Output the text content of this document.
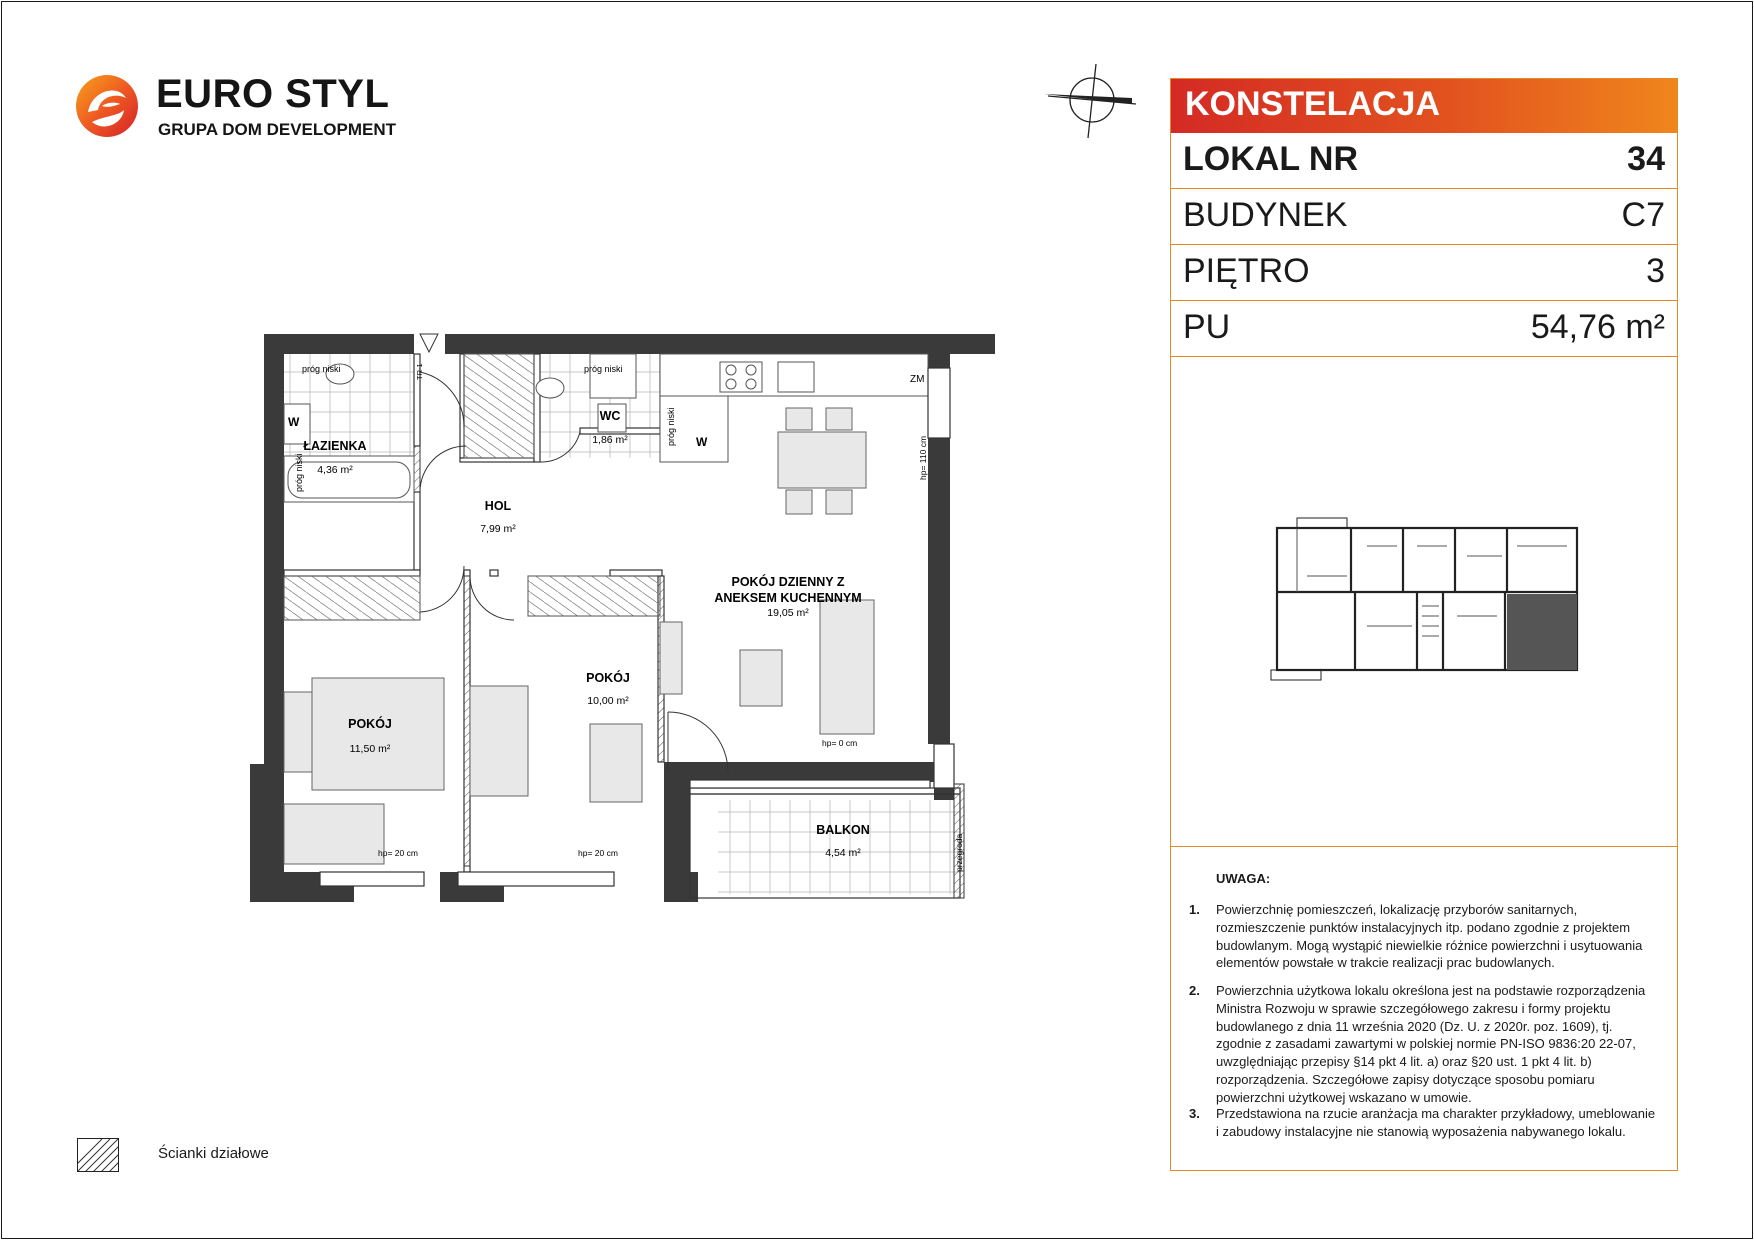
EURO STYL
GRUPA DOM DEVELOPMENT
KONSTELACJA
LOKAL NR	34
BUDYNEK	C7
PIĘTRO	3
PU	54,76 m²
UWAGA:
1. Powierzchnię pomieszczeń, lokalizację przyborów sanitarnych, rozmieszczenie punktów instalacyjnych itp. podano zgodnie z projektem budowlanym. Mogą wystąpić niewielkie różnice powierzchni i usytuowania elementów powstałe w trakcie realizacji prac budowlanych.
2. Powierzchnia użytkowa lokalu określona jest na podstawie rozporządzenia Ministra Rozwoju w sprawie szczegółowego zakresu i formy projektu budowlanego z dnia 11 września 2020 (Dz. U. z 2020r. poz. 1609), tj. zgodnie z zasadami zawartymi w polskiej normie PN-ISO 9836:20 22-07, uwzględniając przepisy §14 pkt 4 lit. a) oraz §20 ust. 1 pkt 4 lit. b) rozporządzenia. Szczegółowe zapisy dotyczące sposobu pomiaru powierzchni użytkowej wskazano w umowie.
3. Przedstawiona na rzucie aranżacja ma charakter przykładowy, umeblowanie i zabudowy instalacyjne nie stanowią wyposażenia nabywanego lokalu.
Ścianki działowe
ŁAZIENKA
4,36 m²
HOL
7,99 m²
WC
1,86 m²
POKÓJ DZIENNY Z
ANEKSEM KUCHENNYM
19,05 m²
POKÓJ
10,00 m²
POKÓJ
11,50 m²
BALKON
4,54 m²
próg niski	próg niski
próg niski
próg niski
W
W
ZM
hp= 110 cm
hp= 0 cm
hp= 20 cm	hp= 20 cm	przegroda
TR-1
